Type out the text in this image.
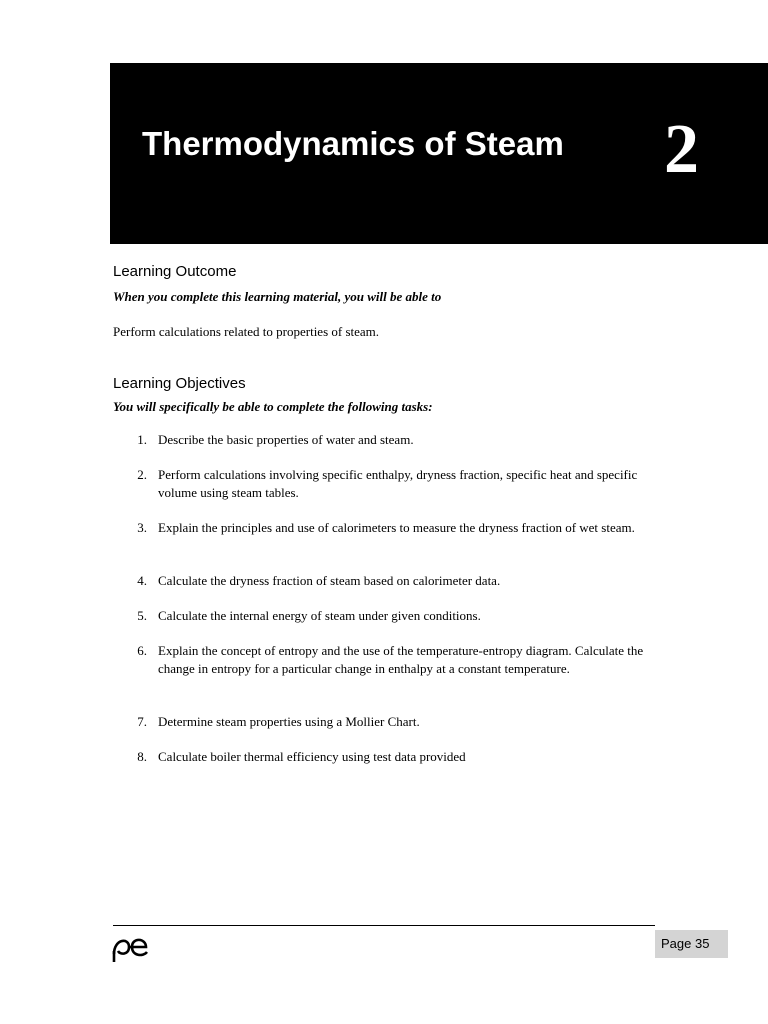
Thermodynamics of Steam 2
Learning Outcome
When you complete this learning material, you will be able to
Perform calculations related to properties of steam.
Learning Objectives
You will specifically be able to complete the following tasks:
1. Describe the basic properties of water and steam.
2. Perform calculations involving specific enthalpy, dryness fraction, specific heat and specific volume using steam tables.
3. Explain the principles and use of calorimeters to measure the dryness fraction of wet steam.
4. Calculate the dryness fraction of steam based on calorimeter data.
5. Calculate the internal energy of steam under given conditions.
6. Explain the concept of entropy and the use of the temperature-entropy diagram. Calculate the change in entropy for a particular change in enthalpy at a constant temperature.
7. Determine steam properties using a Mollier Chart.
8. Calculate boiler thermal efficiency using test data provided
Page 35
